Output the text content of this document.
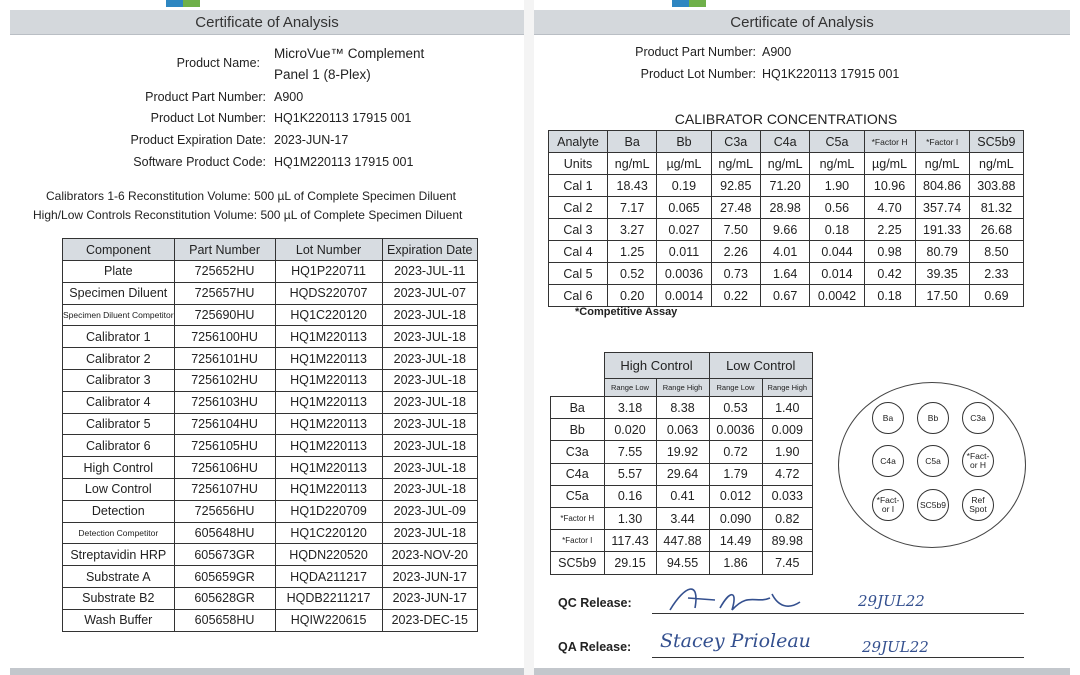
Certificate of Analysis
Product Name:
MicroVue™ Complement
Panel 1 (8-Plex)
Product Part Number: A900
Product Lot Number: HQ1K220113 17915 001
Product Expiration Date: 2023-JUN-17
Software Product Code: HQ1M220113 17915 001
Calibrators 1-6 Reconstitution Volume: 500 µL of Complete Specimen Diluent
High/Low Controls Reconstitution Volume: 500 µL of Complete Specimen Diluent
Component	Part Number	Lot Number	Expiration Date
Plate	725652HU	HQ1P220711	2023-JUL-11
Specimen Diluent	725657HU	HQDS220707	2023-JUL-07
Specimen Diluent Competitor	725690HU	HQ1C220120	2023-JUL-18
Calibrator 1	7256100HU	HQ1M220113	2023-JUL-18
Calibrator 2	7256101HU	HQ1M220113	2023-JUL-18
Calibrator 3	7256102HU	HQ1M220113	2023-JUL-18
Calibrator 4	7256103HU	HQ1M220113	2023-JUL-18
Calibrator 5	7256104HU	HQ1M220113	2023-JUL-18
Calibrator 6	7256105HU	HQ1M220113	2023-JUL-18
High Control	7256106HU	HQ1M220113	2023-JUL-18
Low Control	7256107HU	HQ1M220113	2023-JUL-18
Detection	725656HU	HQ1D220709	2023-JUL-09
Detection Competitor	605648HU	HQ1C220120	2023-JUL-18
Streptavidin HRP	605673GR	HQDN220520	2023-NOV-20
Substrate A	605659GR	HQDA211217	2023-JUN-17
Substrate B2	605628GR	HQDB2211217	2023-JUN-17
Wash Buffer	605658HU	HQIW220615	2023-DEC-15
Certificate of Analysis
Product Part Number: A900
Product Lot Number: HQ1K220113 17915 001
CALIBRATOR CONCENTRATIONS
Analyte	Ba	Bb	C3a	C4a	C5a	*Factor H	*Factor I	SC5b9
Units	ng/mL	µg/mL	ng/mL	ng/mL	ng/mL	µg/mL	ng/mL	ng/mL
Cal 1	18.43	0.19	92.85	71.20	1.90	10.96	804.86	303.88
Cal 2	7.17	0.065	27.48	28.98	0.56	4.70	357.74	81.32
Cal 3	3.27	0.027	7.50	9.66	0.18	2.25	191.33	26.68
Cal 4	1.25	0.011	2.26	4.01	0.044	0.98	80.79	8.50
Cal 5	0.52	0.0036	0.73	1.64	0.014	0.42	39.35	2.33
Cal 6	0.20	0.0014	0.22	0.67	0.0042	0.18	17.50	0.69
*Competitive Assay
	High Control		Low Control	
	Range Low	Range High	Range Low	Range High
Ba	3.18	8.38	0.53	1.40
Bb	0.020	0.063	0.0036	0.009
C3a	7.55	19.92	0.72	1.90
C4a	5.57	29.64	1.79	4.72
C5a	0.16	0.41	0.012	0.033
*Factor H	1.30	3.44	0.090	0.82
*Factor I	117.43	447.88	14.49	89.98
SC5b9	29.15	94.55	1.86	7.45
Ba	Bb	C3a
C4a	C5a	*Fact- or H
*Fact- or I	SC5b9	Ref Spot
QC Release:	29JUL22
QA Release: Stacey Prioleau	29JUL22
